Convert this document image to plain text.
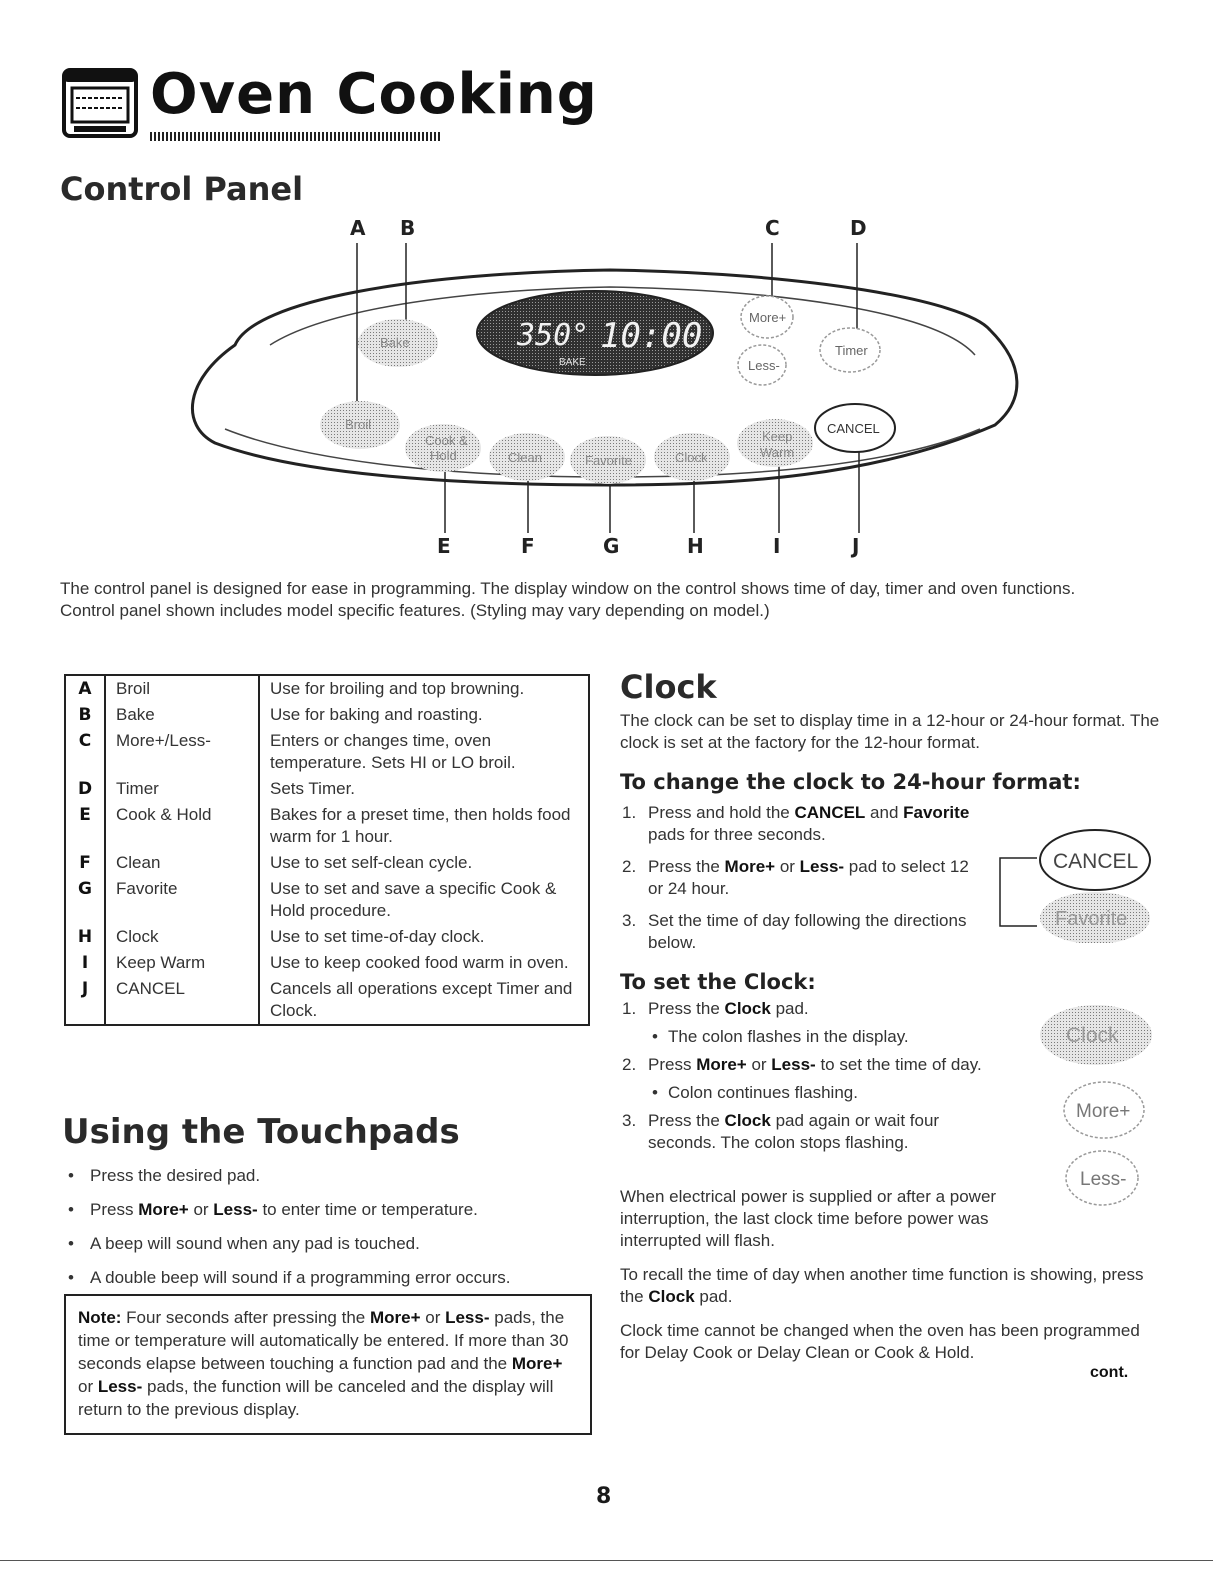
Oven Cooking
Control Panel
A B	C	D
E	F	G	H	I	J
350° 10:00
BAKE
Bake
Broil
Cook &
Hold	Clean	Favorite	Clock
Keep
Warm
More+
Less-
Timer
CANCEL
The control panel is designed for ease in programming. The display window on the control shows time of day, timer and oven functions.
Control panel shown includes model specific features. (Styling may vary depending on model.)
A	Broil	Use for broiling and top browning.
B	Bake	Use for baking and roasting.
C	More+/Less-	Enters or changes time, oven temperature. Sets HI or LO broil.
D	Timer	Sets Timer.
E	Cook & Hold	Bakes for a preset time, then holds food warm for 1 hour.
F	Clean	Use to set self-clean cycle.
G	Favorite	Use to set and save a specific Cook & Hold procedure.
H	Clock	Use to set time-of-day clock.
I	Keep Warm	Use to keep cooked food warm in oven.
J	CANCEL	Cancels all operations except Timer and Clock.
Using the Touchpads
• Press the desired pad.
• Press More+ or Less- to enter time or temperature.
• A beep will sound when any pad is touched.
• A double beep will sound if a programming error occurs.
Note: Four seconds after pressing the More+ or Less- pads, the time or temperature will automatically be entered. If more than 30 seconds elapse between touching a function pad and the More+ or Less- pads, the function will be canceled and the display will return to the previous display.
Clock
The clock can be set to display time in a 12-hour or 24-hour format. The clock is set at the factory for the 12-hour format.
To change the clock to 24-hour format:
1. Press and hold the CANCEL and Favorite pads for three seconds.
2. Press the More+ or Less- pad to select 12 or 24 hour.
3. Set the time of day following the directions below.
CANCEL
Favorite
To set the Clock:
1. Press the Clock pad.
• The colon flashes in the display.
2. Press More+ or Less- to set the time of day.
• Colon continues flashing.
3. Press the Clock pad again or wait four seconds. The colon stops flashing.
Clock
More+
Less-
When electrical power is supplied or after a power interruption, the last clock time before power was interrupted will flash.
To recall the time of day when another time function is showing, press the Clock pad.
Clock time cannot be changed when the oven has been programmed for Delay Cook or Delay Clean or Cook & Hold.
cont.
8
